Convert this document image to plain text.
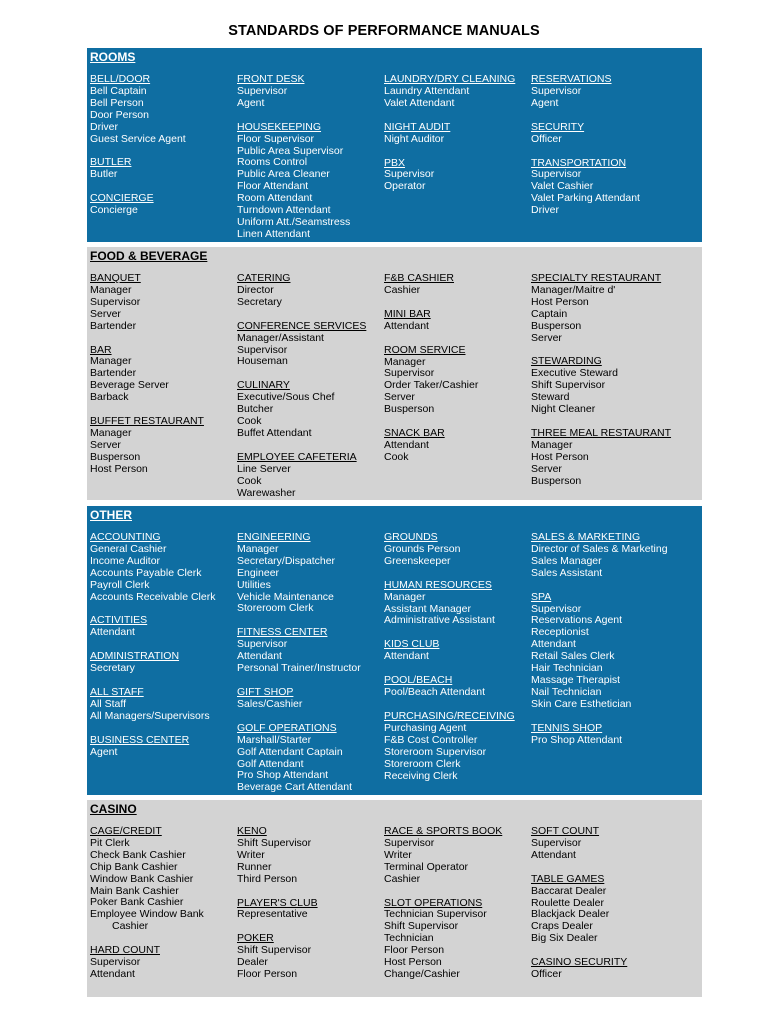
STANDARDS OF PERFORMANCE MANUALS
ROOMS
BELL/DOOR
Bell Captain
Bell Person
Door Person
Driver
Guest Service Agent
BUTLER
Butler
CONCIERGE
Concierge
FRONT DESK
Supervisor
Agent
HOUSEKEEPING
Floor Supervisor
Public Area Supervisor
Rooms Control
Public Area Cleaner
Floor Attendant
Room Attendant
Turndown Attendant
Uniform Att./Seamstress
Linen Attendant
LAUNDRY/DRY CLEANING
Laundry Attendant
Valet Attendant
NIGHT AUDIT
Night Auditor
PBX
Supervisor
Operator
RESERVATIONS
Supervisor
Agent
SECURITY
Officer
TRANSPORTATION
Supervisor
Valet Cashier
Valet Parking Attendant
Driver
FOOD & BEVERAGE
BANQUET
Manager
Supervisor
Server
Bartender
BAR
Manager
Bartender
Beverage Server
Barback
BUFFET RESTAURANT
Manager
Server
Busperson
Host Person
CATERING
Director
Secretary
CONFERENCE SERVICES
Manager/Assistant
Supervisor
Houseman
CULINARY
Executive/Sous Chef
Butcher
Cook
Buffet Attendant
EMPLOYEE CAFETERIA
Line Server
Cook
Warewasher
F&B CASHIER
Cashier
MINI BAR
Attendant
ROOM SERVICE
Manager
Supervisor
Order Taker/Cashier
Server
Busperson
SNACK BAR
Attendant
Cook
SPECIALTY RESTAURANT
Manager/Maitre d'
Host Person
Captain
Busperson
Server
STEWARDING
Executive Steward
Shift Supervisor
Steward
Night Cleaner
THREE MEAL RESTAURANT
Manager
Host Person
Server
Busperson
OTHER
ACCOUNTING
General Cashier
Income Auditor
Accounts Payable Clerk
Payroll Clerk
Accounts Receivable Clerk
ACTIVITIES
Attendant
ADMINISTRATION
Secretary
ALL STAFF
All Staff
All Managers/Supervisors
BUSINESS CENTER
Agent
ENGINEERING
Manager
Secretary/Dispatcher
Engineer
Utilities
Vehicle Maintenance
Storeroom Clerk
FITNESS CENTER
Supervisor
Attendant
Personal Trainer/Instructor
GIFT SHOP
Sales/Cashier
GOLF OPERATIONS
Marshall/Starter
Golf Attendant Captain
Golf Attendant
Pro Shop Attendant
Beverage Cart Attendant
GROUNDS
Grounds Person
Greenskeeper
HUMAN RESOURCES
Manager
Assistant Manager
Administrative Assistant
KIDS CLUB
Attendant
POOL/BEACH
Pool/Beach Attendant
PURCHASING/RECEIVING
Purchasing Agent
F&B Cost Controller
Storeroom Supervisor
Storeroom Clerk
Receiving Clerk
SALES & MARKETING
Director of Sales & Marketing
Sales Manager
Sales Assistant
SPA
Supervisor
Reservations Agent
Receptionist
Attendant
Retail Sales Clerk
Hair Technician
Massage Therapist
Nail Technician
Skin Care Esthetician
TENNIS SHOP
Pro Shop Attendant
CASINO
CAGE/CREDIT
Pit Clerk
Check Bank Cashier
Chip Bank Cashier
Window Bank Cashier
Main Bank Cashier
Poker Bank Cashier
Employee Window Bank
Cashier
HARD COUNT
Supervisor
Attendant
KENO
Shift Supervisor
Writer
Runner
Third Person
PLAYER'S CLUB
Representative
POKER
Shift Supervisor
Dealer
Floor Person
RACE & SPORTS BOOK
Supervisor
Writer
Terminal Operator
Cashier
SLOT OPERATIONS
Technician Supervisor
Shift Supervisor
Technician
Floor Person
Host Person
Change/Cashier
SOFT COUNT
Supervisor
Attendant
TABLE GAMES
Baccarat Dealer
Roulette Dealer
Blackjack Dealer
Craps Dealer
Big Six Dealer
CASINO SECURITY
Officer
